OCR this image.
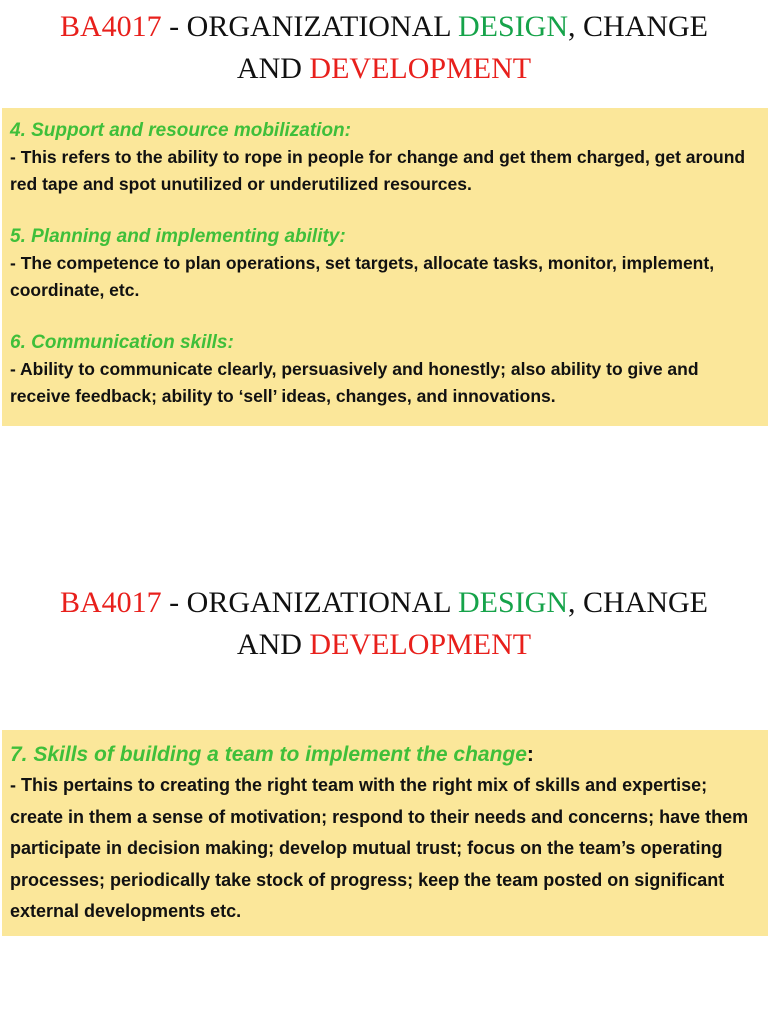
BA4017 - ORGANIZATIONAL DESIGN, CHANGE
AND DEVELOPMENT
4. Support and resource mobilization:
- This refers to the ability to rope in people for change and get them charged, get around red tape and spot unutilized or underutilized resources.
5. Planning and implementing ability:
- The competence to plan operations, set targets, allocate tasks, monitor, implement, coordinate, etc.
6. Communication skills:
- Ability to communicate clearly, persuasively and honestly; also ability to give and receive feedback; ability to ‘sell’ ideas, changes, and innovations.
BA4017 - ORGANIZATIONAL DESIGN, CHANGE
AND DEVELOPMENT
7. Skills of building a team to implement the change:
- This pertains to creating the right team with the right mix of skills and expertise; create in them a sense of motivation; respond to their needs and concerns; have them participate in decision making; develop mutual trust; focus on the team’s operating processes; periodically take stock of progress; keep the team posted on significant external developments etc.
